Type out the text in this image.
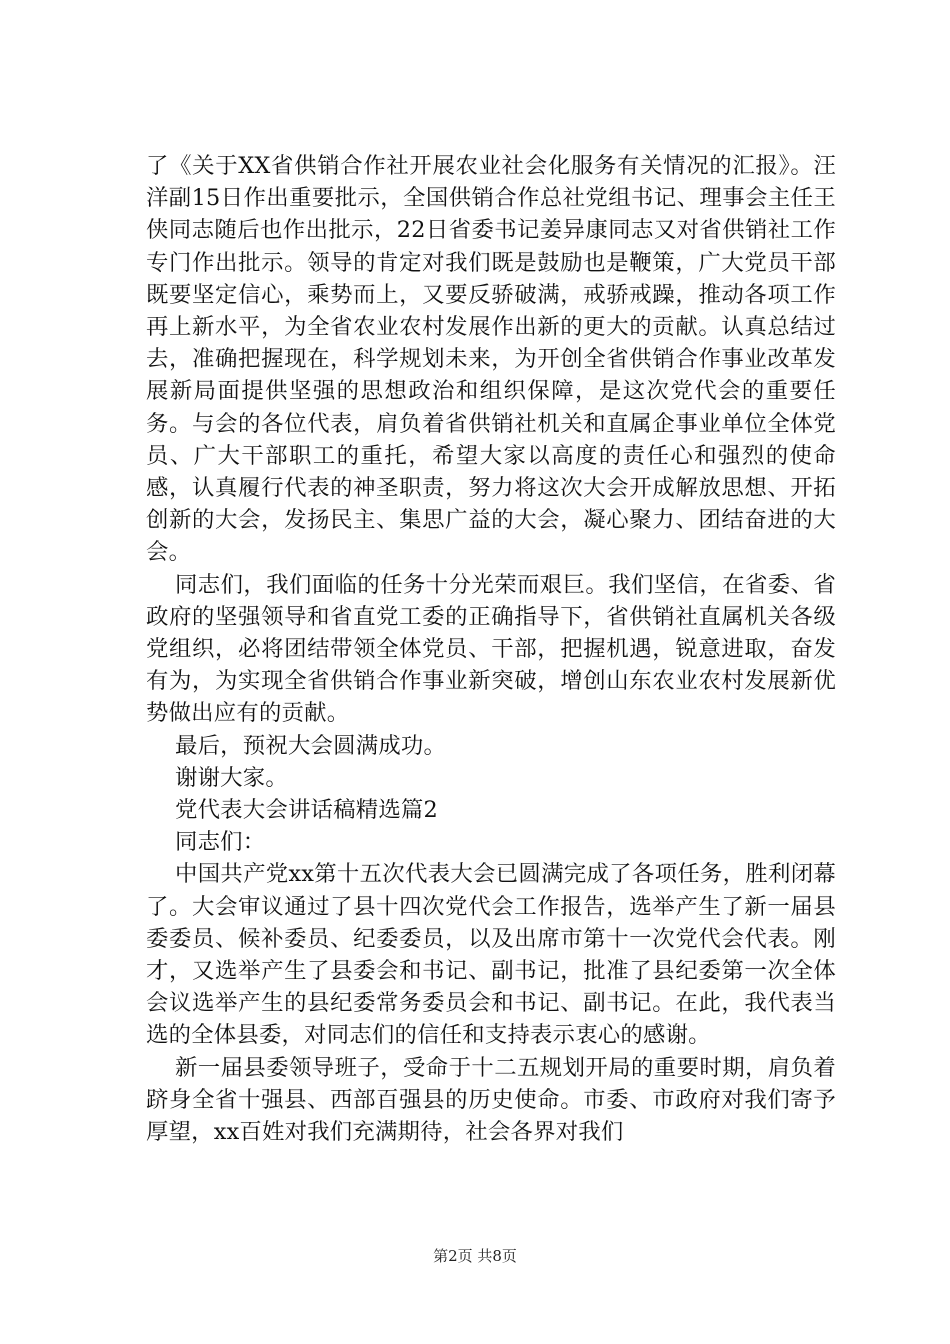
了《关于XX省供销合作社开展农业社会化服务有关情况的汇报》。汪洋副15日作出重要批示，全国供销合作总社党组书记、理事会主任王侠同志随后也作出批示，22日省委书记姜异康同志又对省供销社工作专门作出批示。领导的肯定对我们既是鼓励也是鞭策，广大党员干部既要坚定信心，乘势而上，又要反骄破满，戒骄戒躁，推动各项工作再上新水平，为全省农业农村发展作出新的更大的贡献。认真总结过去，准确把握现在，科学规划未来，为开创全省供销合作事业改革发展新局面提供坚强的思想政治和组织保障，是这次党代会的重要任务。与会的各位代表，肩负着省供销社机关和直属企事业单位全体党员、广大干部职工的重托，希望大家以高度的责任心和强烈的使命感，认真履行代表的神圣职责，努力将这次大会开成解放思想、开拓创新的大会，发扬民主、集思广益的大会，凝心聚力、团结奋进的大会。

同志们，我们面临的任务十分光荣而艰巨。我们坚信，在省委、省政府的坚强领导和省直党工委的正确指导下，省供销社直属机关各级党组织，必将团结带领全体党员、干部，把握机遇，锐意进取，奋发有为，为实现全省供销合作事业新突破，增创山东农业农村发展新优势做出应有的贡献。

最后，预祝大会圆满成功。

谢谢大家。

党代表大会讲话稿精选篇2

同志们：

中国共产党xx第十五次代表大会已圆满完成了各项任务，胜利闭幕了。大会审议通过了县十四次党代会工作报告，选举产生了新一届县委委员、候补委员、纪委委员，以及出席市第十一次党代会代表。刚才，又选举产生了县委会和书记、副书记，批准了县纪委第一次全体会议选举产生的县纪委常务委员会和书记、副书记。在此，我代表当选的全体县委，对同志们的信任和支持表示衷心的感谢。

新一届县委领导班子，受命于十二五规划开局的重要时期，肩负着跻身全省十强县、西部百强县的历史使命。市委、市政府对我们寄予厚望，xx百姓对我们充满期待，社会各界对我们

第2页 共8页
